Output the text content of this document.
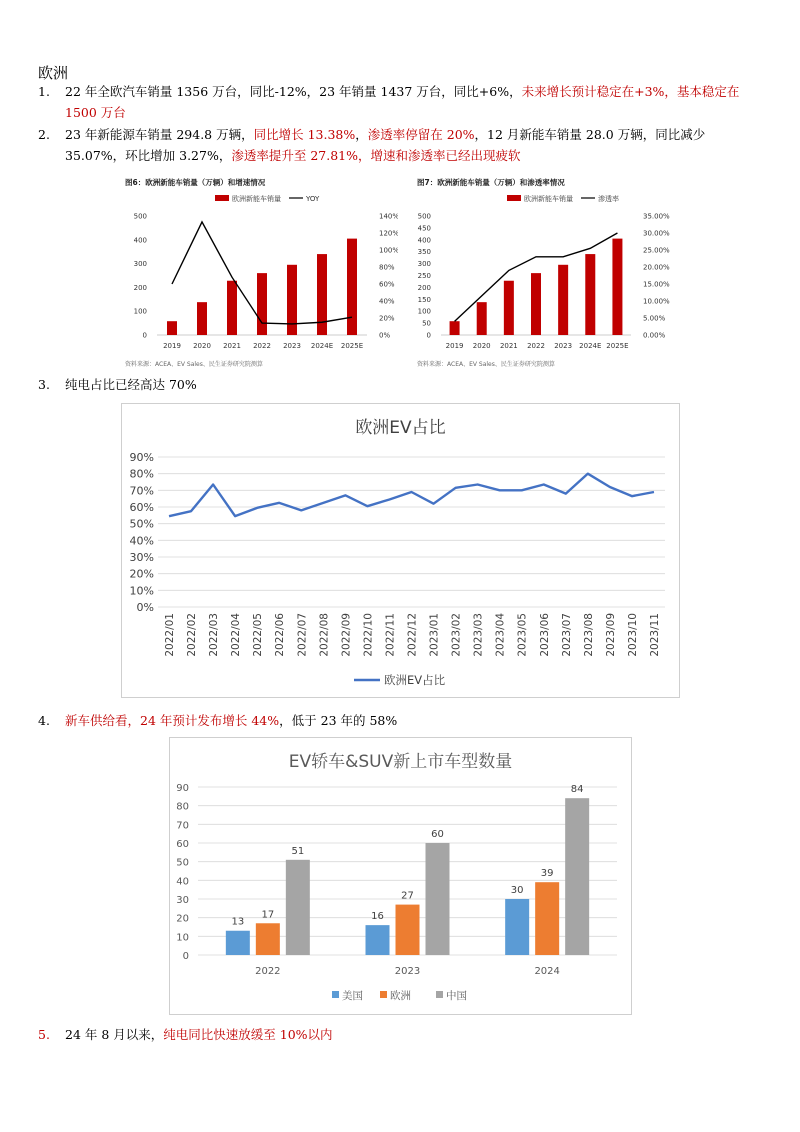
欧洲
1.	22 年全欧汽车销量 1356 万台，同比-12%，23 年销量 1437 万台，同比+6%，未来增长预计稳定在+3%，基本稳定在 1500 万台
2.	23 年新能源车销量 294.8 万辆，同比增长 13.38%，渗透率停留在 20%，12 月新能车销量 28.0 万辆，同比减少 35.07%，环比增加 3.27%，渗透率提升至 27.81%，增速和渗透率已经出现疲软
图6：欧洲新能车销量（万辆）和增速情况
欧洲新能车销量	YOY
0
100
200
300
400
500
0%
20%
40%
60%
80%
100%
120%
140%
2019 2020 2021 2022 2023 2024E 2025E
资料来源：ACEA、EV Sales、民生证券研究院测算
图7：欧洲新能车销量（万辆）和渗透率情况
欧洲新能车销量	渗透率
0
50
100
150
200
250
300
350
400
450
500
0.00%
5.00%
10.00%
15.00%
20.00%
25.00%
30.00%
35.00%
2019 2020 2021 2022 2023 2024E 2025E
资料来源：ACEA、EV Sales、民生证券研究院测算
3.	纯电占比已经高达 70%
欧洲EV占比
0%
10%
20%
30%
40%
50%
60%
70%
80%
90%
2022/01 2022/02 2022/03 2022/04 2022/05 2022/06 2022/07 2022/08 2022/09 2022/10 2022/11 2022/12 2023/01 2023/02 2023/03 2023/04 2023/05 2023/06 2023/07 2023/08 2023/09 2023/10 2023/11
欧洲EV占比
4.	新车供给看，24 年预计发布增长 44%，低于 23 年的 58%
EV轿车&SUV新上市车型数量
0
10
20
30
40
50
60
70
80
90
2022
13
17
51
2023
16
27
60
2024
30
39
84
美国	欧洲	中国
5.	24 年 8 月以来，纯电同比快速放缓至 10%以内
